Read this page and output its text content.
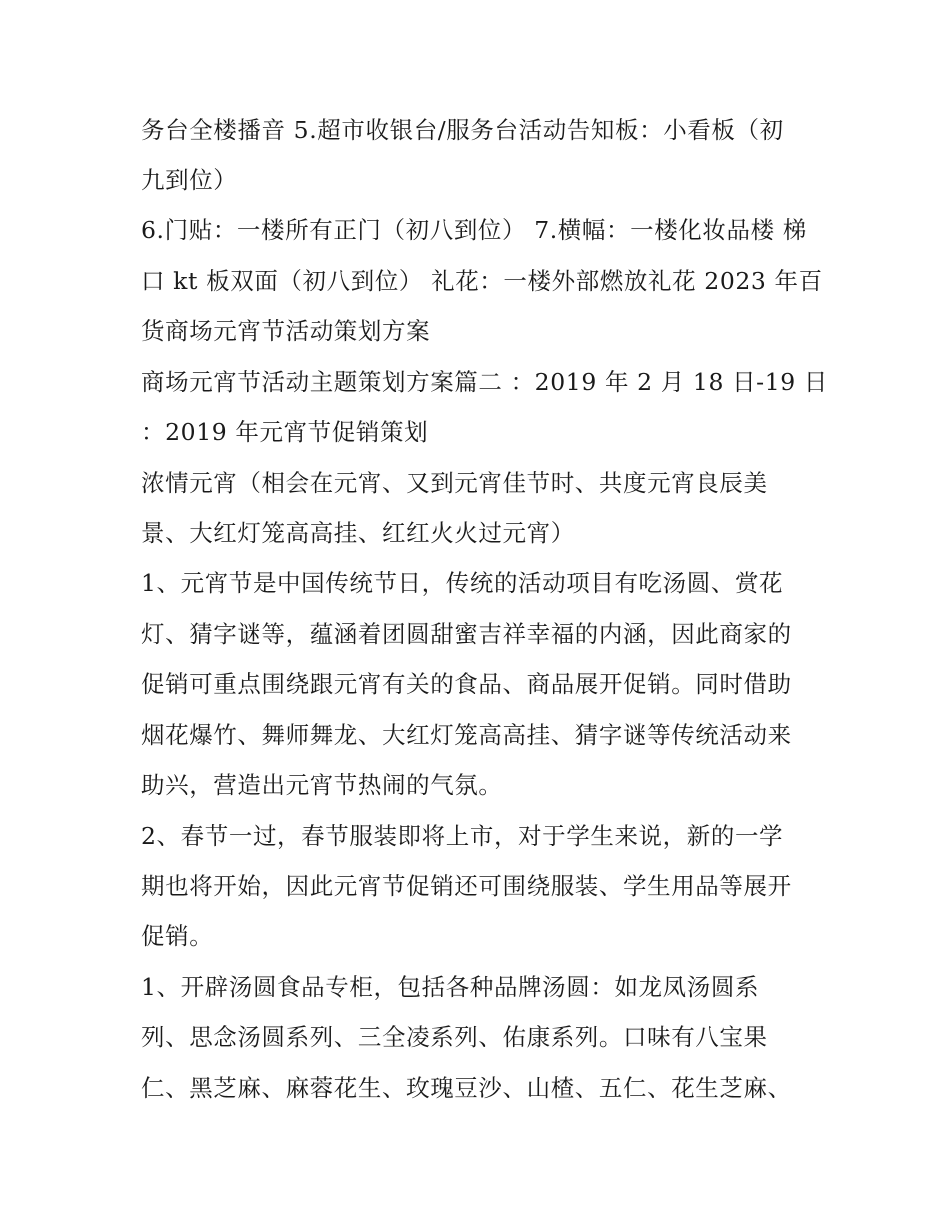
务台全楼播音 5.超市收银台/服务台活动告知板：小看板（初
九到位）
6.门贴：一楼所有正门（初八到位） 7.横幅：一楼化妆品楼 梯
口 kt 板双面（初八到位） 礼花：一楼外部燃放礼花 2023 年百
货商场元宵节活动策划方案
商场元宵节活动主题策划方案篇二 ：2019 年 2 月 18 日-19 日
：2019 年元宵节促销策划
浓情元宵（相会在元宵、又到元宵佳节时、共度元宵良辰美
景、大红灯笼高高挂、红红火火过元宵）
1、元宵节是中国传统节日，传统的活动项目有吃汤圆、赏花
灯、猜字谜等，蕴涵着团圆甜蜜吉祥幸福的内涵，因此商家的
促销可重点围绕跟元宵有关的食品、商品展开促销。同时借助
烟花爆竹、舞师舞龙、大红灯笼高高挂、猜字谜等传统活动来
助兴，营造出元宵节热闹的气氛。
2、春节一过，春节服装即将上市，对于学生来说，新的一学
期也将开始，因此元宵节促销还可围绕服装、学生用品等展开
促销。
1、开辟汤圆食品专柜，包括各种品牌汤圆：如龙凤汤圆系
列、思念汤圆系列、三全凌系列、佑康系列。口味有八宝果
仁、黑芝麻、麻蓉花生、玫瑰豆沙、山楂、五仁、花生芝麻、
